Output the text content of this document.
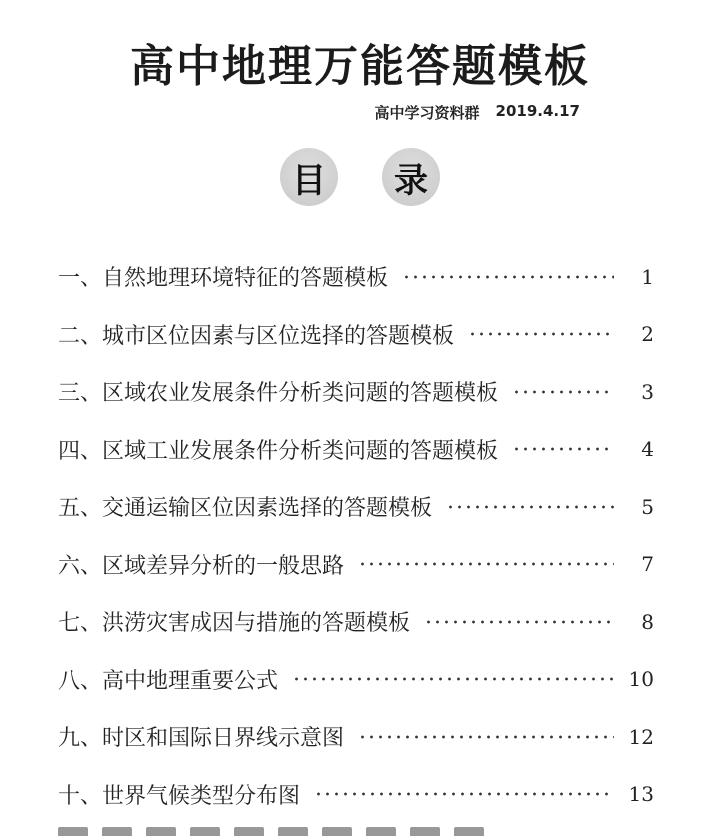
高中地理万能答题模板
高中学习资料群 2019.4.17
目	录
一、自然地理环境特征的答题模板	1
二、城市区位因素与区位选择的答题模板	2
三、区域农业发展条件分析类问题的答题模板	3
四、区域工业发展条件分析类问题的答题模板	4
五、交通运输区位因素选择的答题模板	5
六、区域差异分析的一般思路	7
七、洪涝灾害成因与措施的答题模板	8
八、高中地理重要公式	10
九、时区和国际日界线示意图	12
十、世界气候类型分布图	13
